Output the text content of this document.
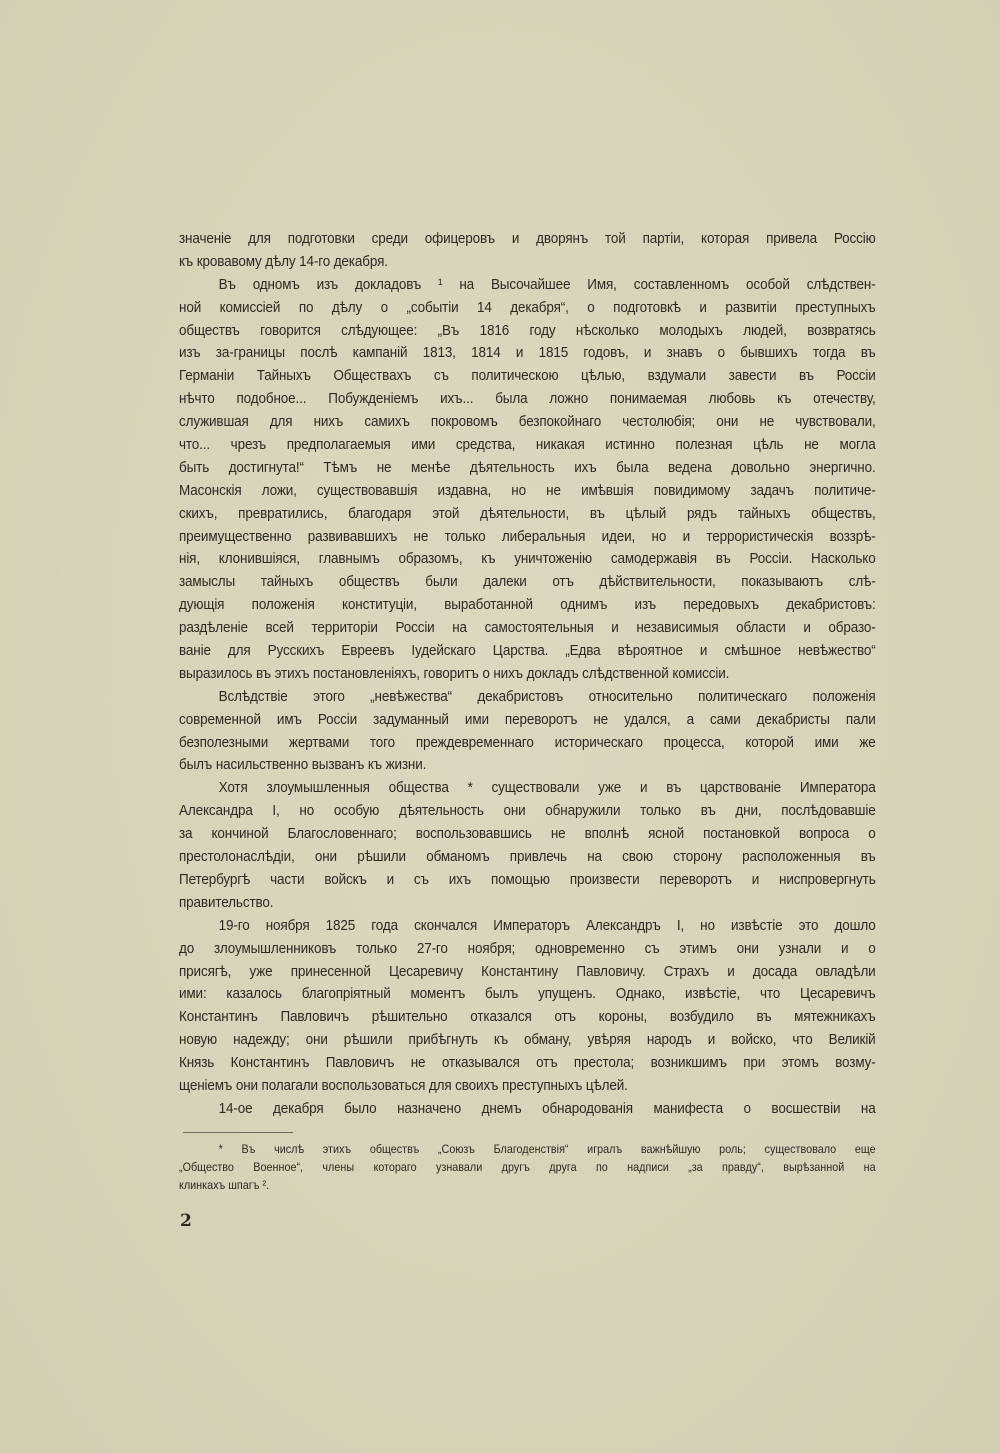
значеніе для подготовки среди офицеровъ и дворянъ той партіи, которая привела Россію
къ кровавому дѣлу 14-го декабря.

Въ одномъ изъ докладовъ ¹ на Высочайшее Имя, составленномъ особой слѣдствен-
ной комиссіей по дѣлу о „событіи 14 декабря“, о подготовкѣ и развитіи преступныхъ
обществъ говорится слѣдующее: „Въ 1816 году нѣсколько молодыхъ людей, возвратясь
изъ за-границы послѣ кампаній 1813, 1814 и 1815 годовъ, и знавъ о бывшихъ тогда въ
Германіи Тайныхъ Обществахъ съ политическою цѣлью, вздумали завести въ Россіи
нѣчто подобное... Побужденіемъ ихъ... была ложно понимаемая любовь къ отечеству,
служившая для нихъ самихъ покровомъ безпокойнаго честолюбія; они не чувствовали,
что... чрезъ предполагаемыя ими средства, никакая истинно полезная цѣль не могла
быть достигнута!“ Тѣмъ не менѣе дѣятельность ихъ была ведена довольно энергично.
Масонскія ложи, существовавшія издавна, но не имѣвшія повидимому задачъ политиче-
скихъ, превратились, благодаря этой дѣятельности, въ цѣлый рядъ тайныхъ обществъ,
преимущественно развивавшихъ не только либеральныя идеи, но и террористическія воззрѣ-
нія, клонившіяся, главнымъ образомъ, къ уничтоженію самодержавія въ Россіи. Насколько
замыслы тайныхъ обществъ были далеки отъ дѣйствительности, показываютъ слѣ-
дующія положенія конституціи, выработанной однимъ изъ передовыхъ декабристовъ:
раздѣленіе всей территоріи Россіи на самостоятельныя и независимыя области и образо-
ваніе для Русскихъ Евреевъ Іудейскаго Царства. „Едва вѣроятное и смѣшное невѣжество“
выразилось въ этихъ постановленіяхъ, говоритъ о нихъ докладъ слѣдственной комиссіи.

Вслѣдствіе этого „невѣжества“ декабристовъ относительно политическаго положенія
современной имъ Россіи задуманный ими переворотъ не удался, а сами декабристы пали
безполезными жертвами того преждевременнаго историческаго процесса, которой ими же
былъ насильственно вызванъ къ жизни.

Хотя злоумышленныя общества * существовали уже и въ царствованіе Императора
Александра I, но особую дѣятельность они обнаружили только въ дни, послѣдовавшіе
за кончиной Благословеннаго; воспользовавшись не вполнѣ ясной постановкой вопроса о
престолонаслѣдіи, они рѣшили обманомъ привлечь на свою сторону расположенныя въ
Петербургѣ части войскъ и съ ихъ помощью произвести переворотъ и ниспровергнуть
правительство.

19-го ноября 1825 года скончался Императоръ Александръ I, но извѣстіе это дошло
до злоумышленниковъ только 27-го ноября; одновременно съ этимъ они узнали и о
присягѣ, уже принесенной Цесаревичу Константину Павловичу. Страхъ и досада овладѣли
ими: казалось благопріятный моментъ былъ упущенъ. Однако, извѣстіе, что Цесаревичъ
Константинъ Павловичъ рѣшительно отказался отъ короны, возбудило въ мятежникахъ
новую надежду; они рѣшили прибѣгнуть къ обману, увѣряя народъ и войско, что Великій
Князь Константинъ Павловичъ не отказывался отъ престола; возникшимъ при этомъ возму-
щеніемъ они полагали воспользоваться для своихъ преступныхъ цѣлей.

14-ое декабря было назначено днемъ обнародованія манифеста о восшествіи на

* Въ числѣ этихъ обществъ „Союзъ Благоденствія“ игралъ важнѣйшую роль; существовало еще
„Общество Военное“, члены котораго узнавали другъ друга по надписи „за правду“, вырѣзанной на
клинкахъ шпагъ ².

2
